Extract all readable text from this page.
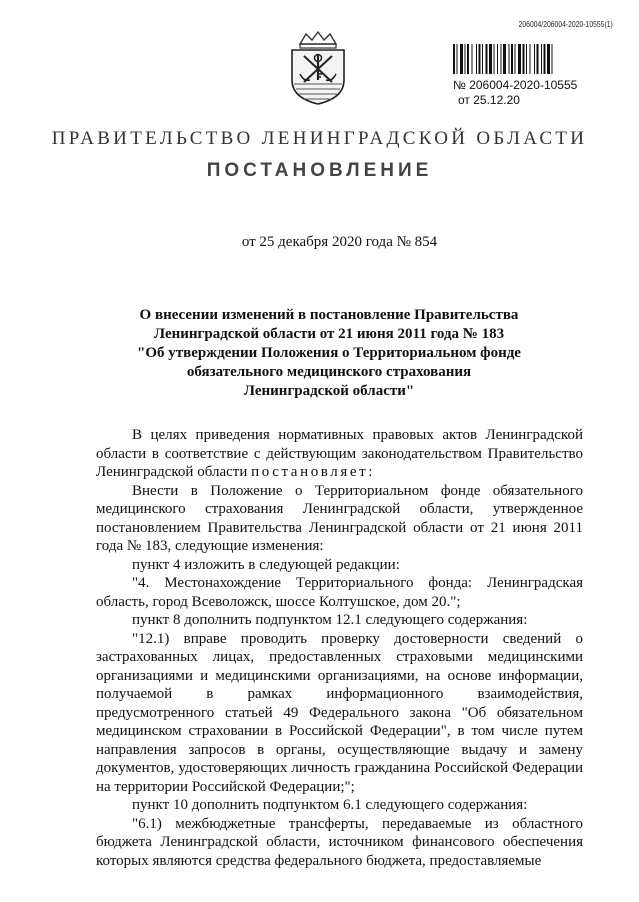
206004/206004-2020-10555(1)
№ 206004-2020-10555
от 25.12.20
ПРАВИТЕЛЬСТВО ЛЕНИНГРАДСКОЙ ОБЛАСТИ
ПОСТАНОВЛЕНИЕ
от 25 декабря 2020 года № 854
О внесении изменений в постановление Правительства
Ленинградской области от 21 июня 2011 года № 183
"Об утверждении Положения о Территориальном фонде
обязательного медицинского страхования
Ленинградской области"

В целях приведения нормативных правовых актов Ленинградской области в соответствие с действующим законодательством Правительство Ленинградской области постановляет:

Внести в Положение о Территориальном фонде обязательного медицинского страхования Ленинградской области, утвержденное постановлением Правительства Ленинградской области от 21 июня 2011 года № 183, следующие изменения:

пункт 4 изложить в следующей редакции:

"4. Местонахождение Территориального фонда: Ленинградская область, город Всеволожск, шоссе Колтушское, дом 20.";

пункт 8 дополнить подпунктом 12.1 следующего содержания:

"12.1) вправе проводить проверку достоверности сведений о застрахованных лицах, предоставленных страховыми медицинскими организациями и медицинскими организациями, на основе информации, получаемой в рамках информационного взаимодействия, предусмотренного статьей 49 Федерального закона "Об обязательном медицинском страховании в Российской Федерации", в том числе путем направления запросов в органы, осуществляющие выдачу и замену документов, удостоверяющих личность гражданина Российской Федерации на территории Российской Федерации;";

пункт 10 дополнить подпунктом 6.1 следующего содержания:

"6.1) межбюджетные трансферты, передаваемые из областного бюджета Ленинградской области, источником финансового обеспечения которых являются средства федерального бюджета, предоставляемые
